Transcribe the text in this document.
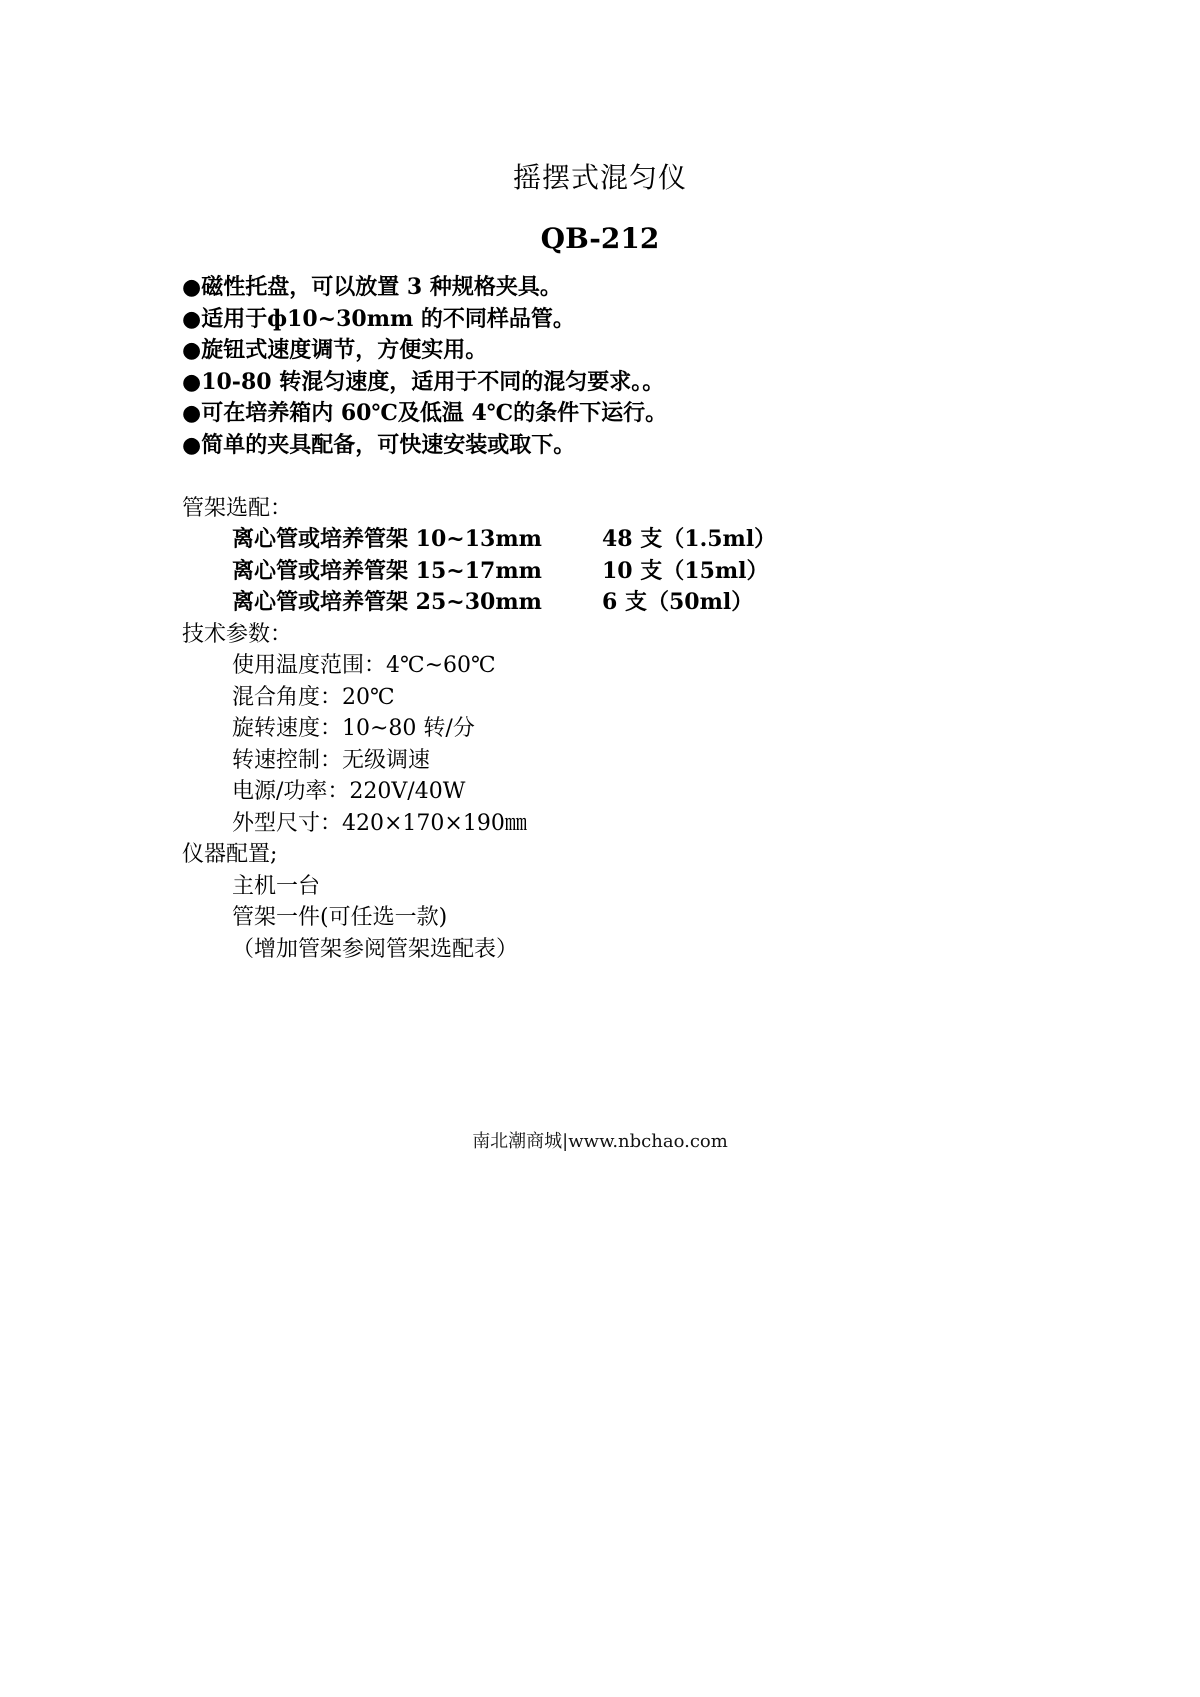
摇摆式混匀仪
QB-212
●磁性托盘，可以放置 3 种规格夹具。
●适用于ф10~30mm 的不同样品管。
●旋钮式速度调节，方便实用。
●10-80 转混匀速度，适用于不同的混匀要求。。
●可在培养箱内 60℃及低温 4℃的条件下运行。
●简单的夹具配备，可快速安装或取下。
管架选配：
离心管或培养管架 10~13mm	48 支（1.5ml）
离心管或培养管架 15~17mm	10 支（15ml）
离心管或培养管架 25~30mm	6 支（50ml）
技术参数：
使用温度范围：4℃~60℃
混合角度：20℃
旋转速度：10~80 转/分
转速控制：无级调速
电源/功率：220V/40W
外型尺寸：420×170×190㎜
仪器配置;
主机一台
管架一件(可任选一款)
（增加管架参阅管架选配表）
南北潮商城|www.nbchao.com
